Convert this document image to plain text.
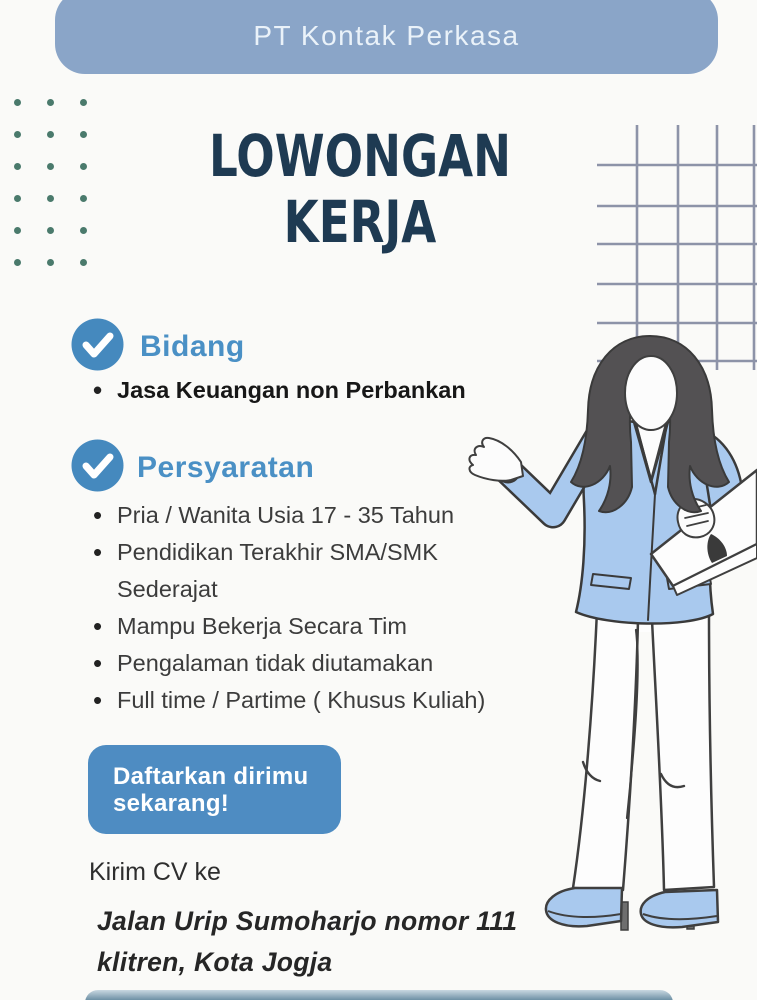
PT Kontak Perkasa
LOWONGAN
KERJA
Bidang
• Jasa Keuangan non Perbankan
Persyaratan
• Pria / Wanita Usia 17 - 35 Tahun
• Pendidikan Terakhir SMA/SMK Sederajat
• Mampu Bekerja Secara Tim
• Pengalaman tidak diutamakan
• Full time / Partime ( Khusus Kuliah)
Daftarkan dirimu
sekarang!
Kirim CV ke
Jalan Urip Sumoharjo nomor 111
klitren, Kota Jogja
